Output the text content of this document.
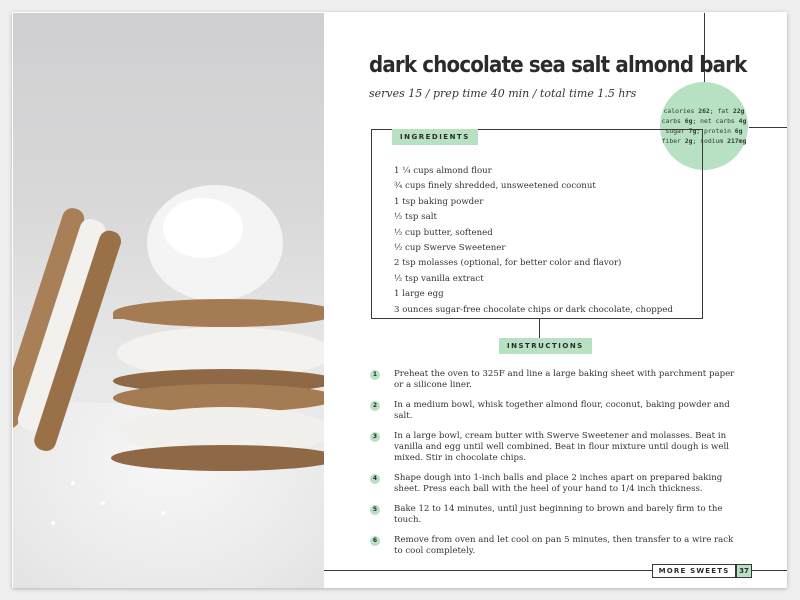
dark chocolate sea salt almond bark
serves 15 / prep time 40 min / total time 1.5 hrs
calories 262; fat 22g
carbs 6g; net carbs 4g
sugar 7g; protein 6g
fiber 2g; sodium 217mg
INGREDIENTS
1 ¼ cups almond flour
¾ cups finely shredded, unsweetened coconut
1 tsp baking powder
½ tsp salt
½ cup butter, softened
½ cup Swerve Sweetener
2 tsp molasses (optional, for better color and flavor)
½ tsp vanilla extract
1 large egg
3 ounces sugar-free chocolate chips or dark chocolate, chopped
INSTRUCTIONS
1	Preheat the oven to 325F and line a large baking sheet with parchment paper or a silicone liner.
2	In a medium bowl, whisk together almond flour, coconut, baking powder and salt.
3	In a large bowl, cream butter with Swerve Sweetener and molasses. Beat in vanilla and egg until well combined. Beat in flour mixture until dough is well mixed. Stir in chocolate chips.
4	Shape dough into 1-inch balls and place 2 inches apart on prepared baking sheet. Press each ball with the heel of your hand to 1/4 inch thickness.
5	Bake 12 to 14 minutes, until just beginning to brown and barely firm to the touch.
6	Remove from oven and let cool on pan 5 minutes, then transfer to a wire rack to cool completely.
MORE SWEETS	37
